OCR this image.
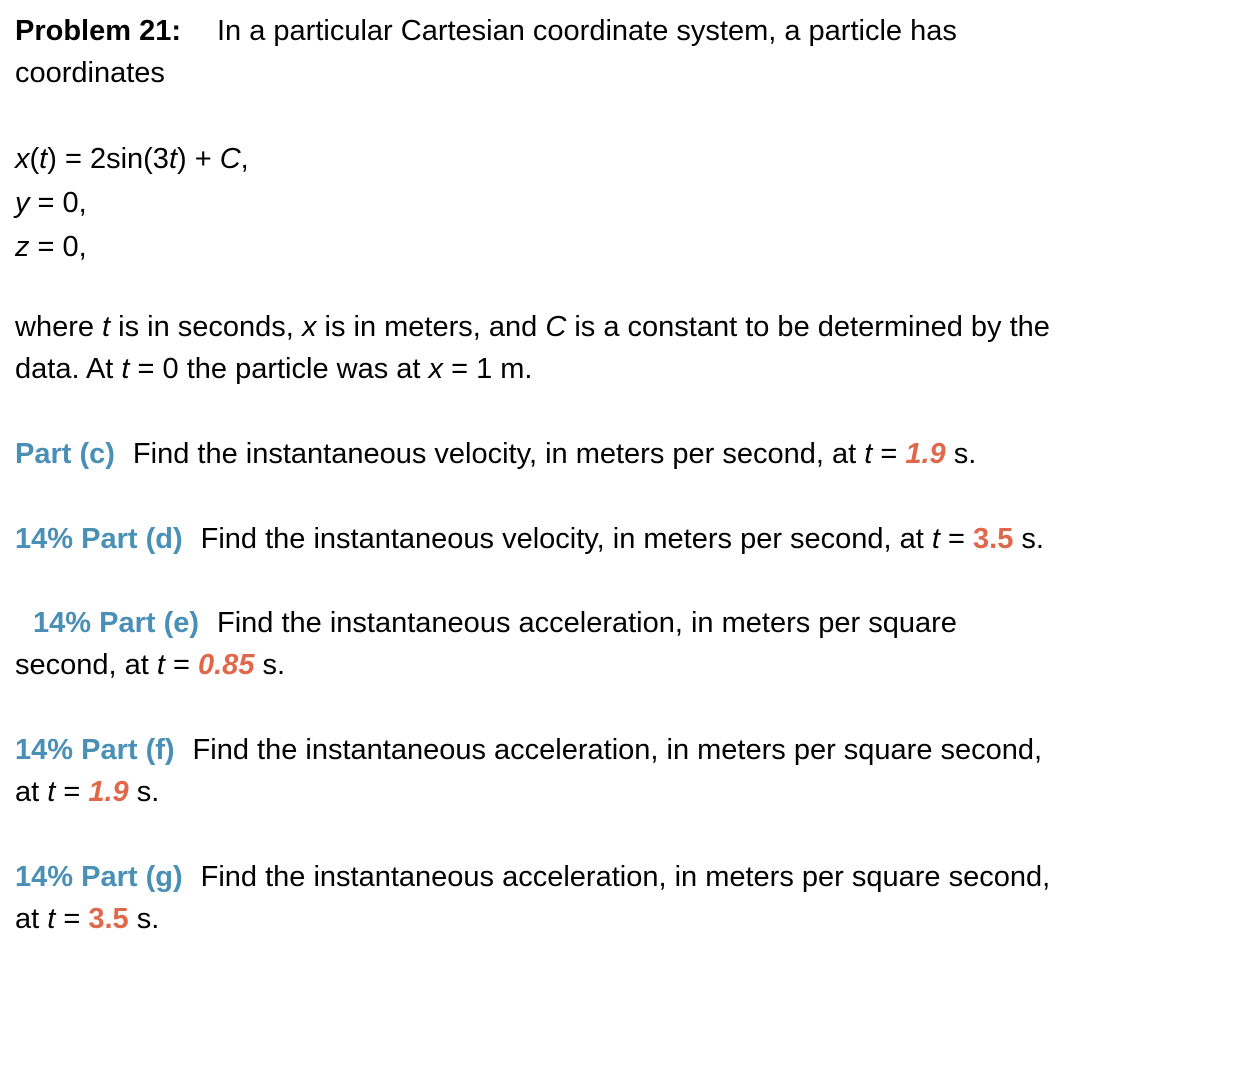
Problem 21: In a particular Cartesian coordinate system, a particle has
coordinates
x(t) = 2sin(3t) + C,
y = 0,
z = 0,
where t is in seconds, x is in meters, and C is a constant to be determined by the
data. At t = 0 the particle was at x = 1 m.
Part (c) Find the instantaneous velocity, in meters per second, at t = 1.9 s.
14% Part (d) Find the instantaneous velocity, in meters per second, at t = 3.5 s.
14% Part (e) Find the instantaneous acceleration, in meters per square
second, at t = 0.85 s.
14% Part (f) Find the instantaneous acceleration, in meters per square second,
at t = 1.9 s.
14% Part (g) Find the instantaneous acceleration, in meters per square second,
at t = 3.5 s.
